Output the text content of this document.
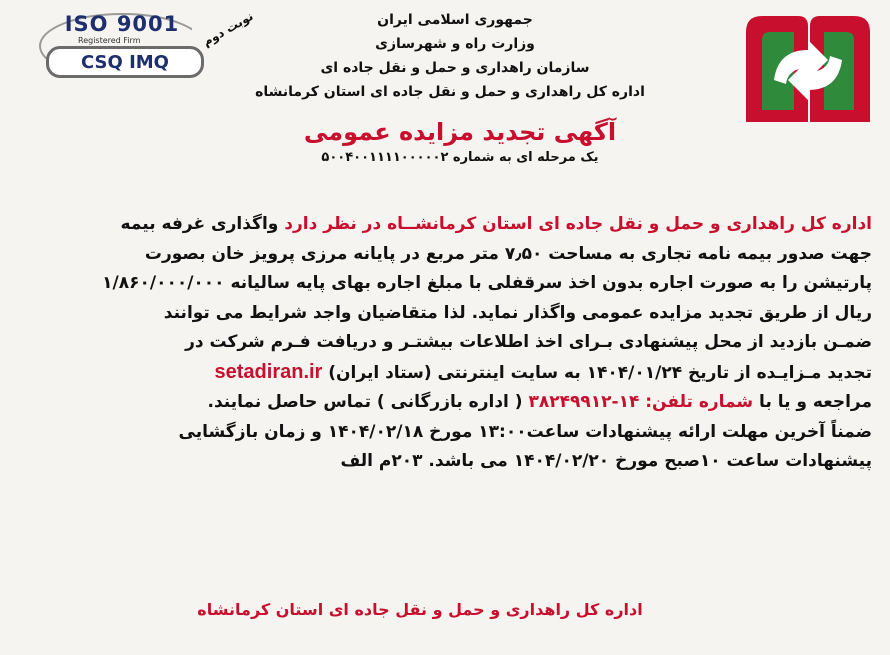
ISO 9001
Registered Firm
CSQ IMQ
نوبت دوم	جمهوری اسلامی ایران
وزارت راه و شهرسازی
سازمان راهداری و حمل و نقل جاده ای
اداره کل راهداری و حمل و نقل جاده ای استان کرمانشاه
آگهی تجدید مزایده عمومی
یک مرحله ای به شماره ۵۰۰۴۰۰۱۱۱۱۰۰۰۰۰۲
اداره کل راهداری و حمل و نقل جاده ای استان کرمانشــاه در نظر دارد واگذاری غرفه بیمه
جهت صدور بیمه نامه تجاری به مساحت ۷٫۵۰ متر مربع در پایانه مرزی پرویز خان بصورت
پارتیشن را به صورت اجاره بدون اخذ سرقفلی با مبلغ اجاره بهای پایه سالیانه ۱/۸۶۰/۰۰۰/۰۰۰
ریال از طریق تجدید مزایده عمومی واگذار نماید. لذا متقاضیان واجد شرایط می توانند
ضمـن بازدید از محل پیشنهادی بـرای اخذ اطلاعات بیشتـر و دریافت فـرم شرکت در
تجدید مـزایـده از تاریخ ۱۴۰۴/۰۱/۲۴ به سایت اینترنتی (ستاد ایران) setadiran.ir
مراجعه و یا با شماره تلفن: ۱۴-۳۸۲۴۹۹۱۲ ( اداره بازرگانی ) تماس حاصل نمایند.
ضمناً آخرین مهلت ارائه پیشنهادات ساعت۱۳:۰۰ مورخ ۱۴۰۴/۰۲/۱۸ و زمان بازگشایی
پیشنهادات ساعت ۱۰صبح مورخ ۱۴۰۴/۰۲/۲۰ می باشد. ۲۰۳م الف
اداره کل راهداری و حمل و نقل جاده ای استان کرمانشاه
